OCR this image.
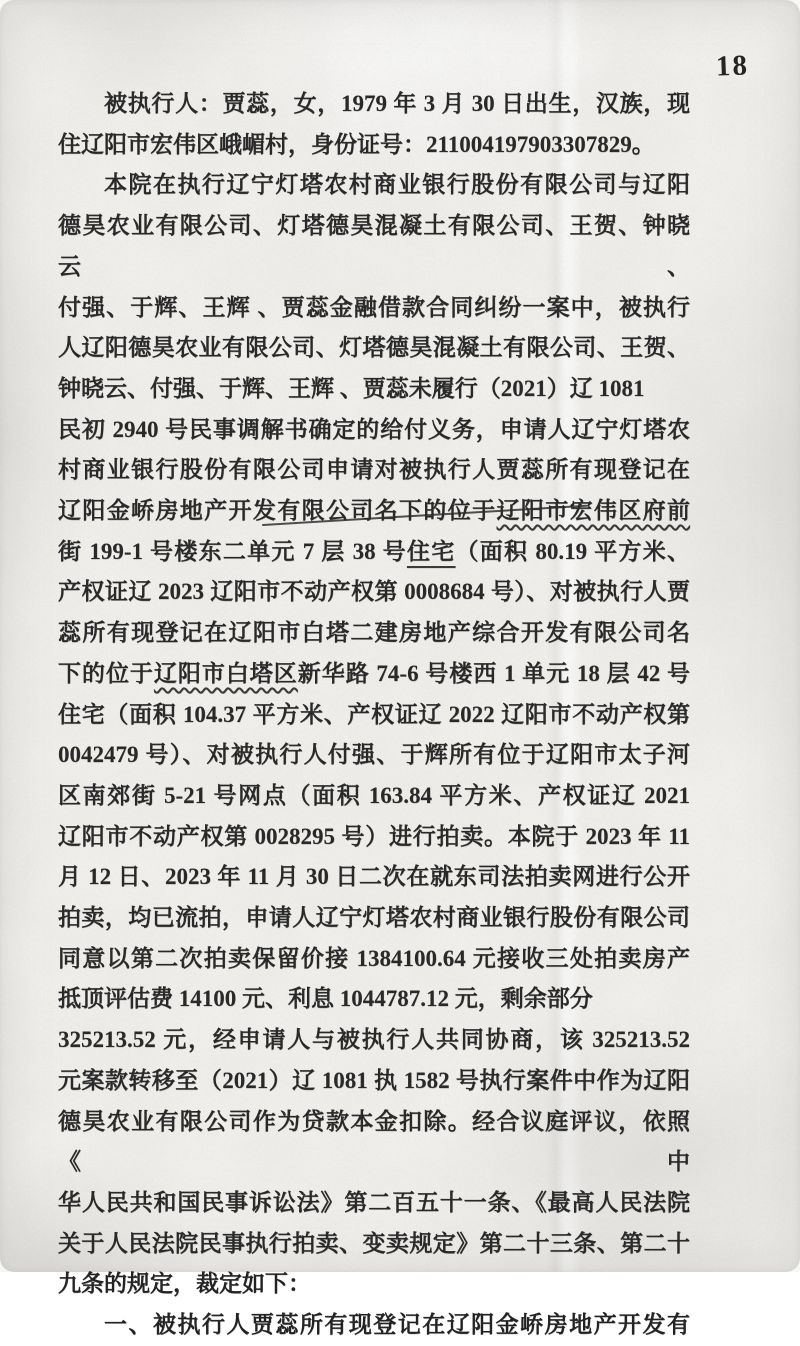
18
被执行人：贾蕊，女，1979 年 3 月 30 日出生，汉族，现
住辽阳市宏伟区峨嵋村，身份证号：211004197903307829。
本院在执行辽宁灯塔农村商业银行股份有限公司与辽阳
德昊农业有限公司、灯塔德昊混凝土有限公司、王贺、钟晓云、
付强、于辉、王辉 、贾蕊金融借款合同纠纷一案中，被执行
人辽阳德昊农业有限公司、灯塔德昊混凝土有限公司、王贺、
钟晓云、付强、于辉、王辉 、贾蕊未履行（2021）辽 1081
民初 2940 号民事调解书确定的给付义务，申请人辽宁灯塔农
村商业银行股份有限公司申请对被执行人贾蕊所有现登记在
辽阳金峤房地产开发有限公司名下的位于辽阳市宏伟区府前
街 199-1 号楼东二单元 7 层 38 号住宅（面积 80.19 平方米、
产权证辽 2023 辽阳市不动产权第 0008684 号）、对被执行人贾
蕊所有现登记在辽阳市白塔二建房地产综合开发有限公司名
下的位于辽阳市白塔区新华路 74-6 号楼西 1 单元 18 层 42 号
住宅（面积 104.37 平方米、产权证辽 2022 辽阳市不动产权第
0042479 号）、对被执行人付强、于辉所有位于辽阳市太子河
区南郊街 5-21 号网点（面积 163.84 平方米、产权证辽 2021
辽阳市不动产权第 0028295 号）进行拍卖。本院于 2023 年 11
月 12 日、2023 年 11 月 30 日二次在就东司法拍卖网进行公开
拍卖，均已流拍，申请人辽宁灯塔农村商业银行股份有限公司
同意以第二次拍卖保留价接 1384100.64 元接收三处拍卖房产
抵顶评估费 14100 元、利息 1044787.12 元，剩余部分
325213.52 元，经申请人与被执行人共同协商，该 325213.52
元案款转移至（2021）辽 1081 执 1582 号执行案件中作为辽阳
德昊农业有限公司作为贷款本金扣除。经合议庭评议，依照《中
华人民共和国民事诉讼法》第二百五十一条、《最高人民法院
关于人民法院民事执行拍卖、变卖规定》第二十三条、第二十
九条的规定，裁定如下：
一、被执行人贾蕊所有现登记在辽阳金峤房地产开发有
